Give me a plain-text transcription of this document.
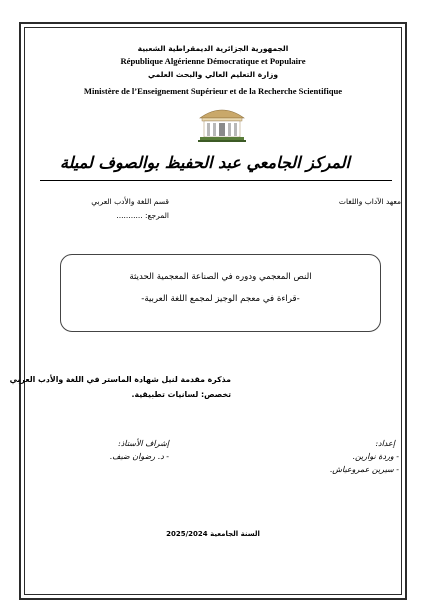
الجمهورية الجزائرية الديمقراطية الشعبية
République Algérienne Démocratique et Populaire
وزارة التعليم العالي والبحث العلمي
Ministère de l’Enseignement Supérieur et de la Recherche Scientifique
المركز الجامعي عبد الحفيظ بوالصوف لميلة
معهد الآداب واللغات
قسم اللغة والأدب العربي
المرجع: ...........
النص المعجمي ودوره في الصناعة المعجمية الحديثة
-قراءة في معجم الوجيز لمجمع اللغة العربية-
مذكرة مقدمة لنيل شهادة الماستر في اللغة والأدب العربي
تخصص: لسانيات تطبيقية.
إعداد:
- وردة نوارين.
- سيرين عمروعياش.
إشراف الأستاذ:
- د. رضوان ضيف.
السنة الجامعية 2025/2024
